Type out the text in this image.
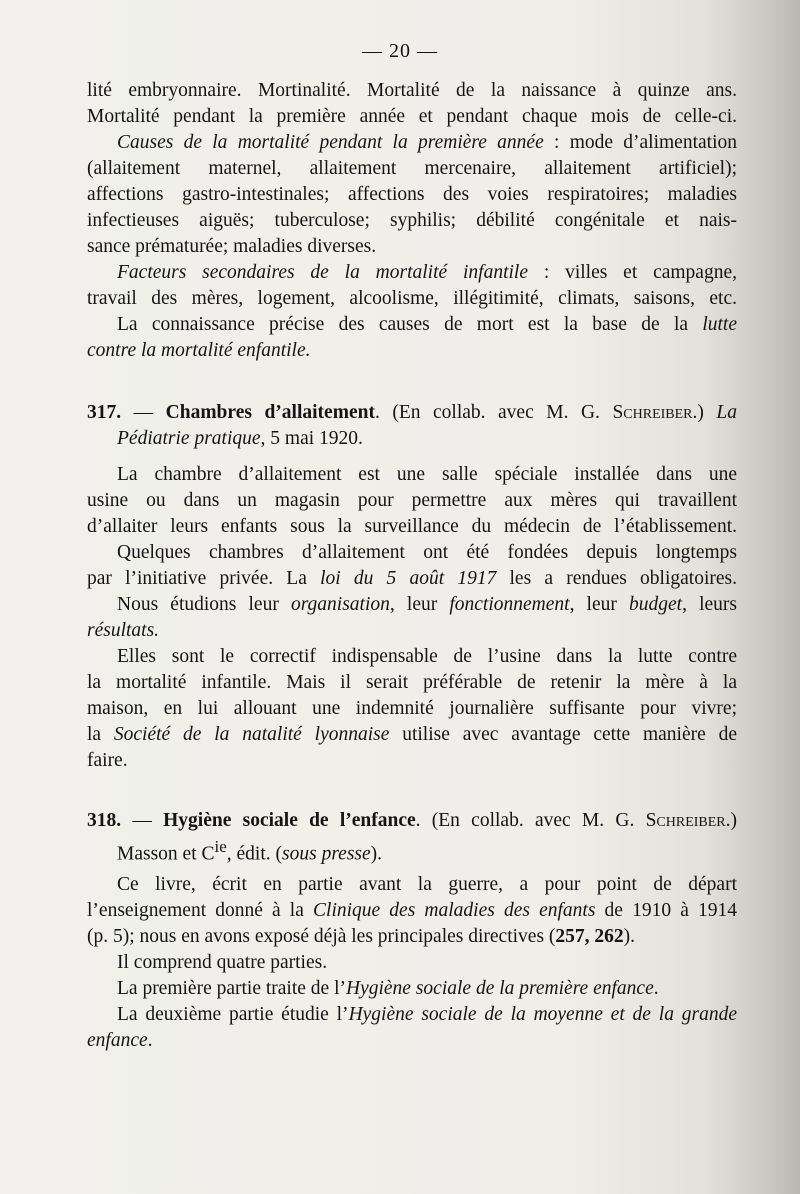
— 20 —
lité embryonnaire. Mortinalité. Mortalité de la naissance à quinze ans.
Mortalité pendant la première année et pendant chaque mois de celle-ci.
Causes de la mortalité pendant la première année : mode d’alimentation
(allaitement maternel, allaitement mercenaire, allaitement artificiel);
affections gastro-intestinales; affections des voies respiratoires; maladies
infectieuses aiguës; tuberculose; syphilis; débilité congénitale et nais-
sance prématurée; maladies diverses.
Facteurs secondaires de la mortalité infantile : villes et campagne,
travail des mères, logement, alcoolisme, illégitimité, climats, saisons, etc.
La connaissance précise des causes de mort est la base de la lutte
contre la mortalité enfantile.
317. — Chambres d’allaitement. (En collab. avec M. G. Schreiber.) La
Pédiatrie pratique, 5 mai 1920.
La chambre d’allaitement est une salle spéciale installée dans une
usine ou dans un magasin pour permettre aux mères qui travaillent
d’allaiter leurs enfants sous la surveillance du médecin de l’établissement.
Quelques chambres d’allaitement ont été fondées depuis longtemps
par l’initiative privée. La loi du 5 août 1917 les a rendues obligatoires.
Nous étudions leur organisation, leur fonctionnement, leur budget, leurs
résultats.
Elles sont le correctif indispensable de l’usine dans la lutte contre
la mortalité infantile. Mais il serait préférable de retenir la mère à la
maison, en lui allouant une indemnité journalière suffisante pour vivre;
la Société de la natalité lyonnaise utilise avec avantage cette manière de
faire.
318. — Hygiène sociale de l’enfance. (En collab. avec M. G. Schreiber.)
Masson et $C^{ie}$, édit. (sous presse).
Ce livre, écrit en partie avant la guerre, a pour point de départ
l’enseignement donné à la Clinique des maladies des enfants de 1910 à 1914
(p. 5); nous en avons exposé déjà les principales directives (257, 262).
Il comprend quatre parties.
La première partie traite de l’Hygiène sociale de la première enfance.
La deuxième partie étudie l’Hygiène sociale de la moyenne et de la grande
enfance.
